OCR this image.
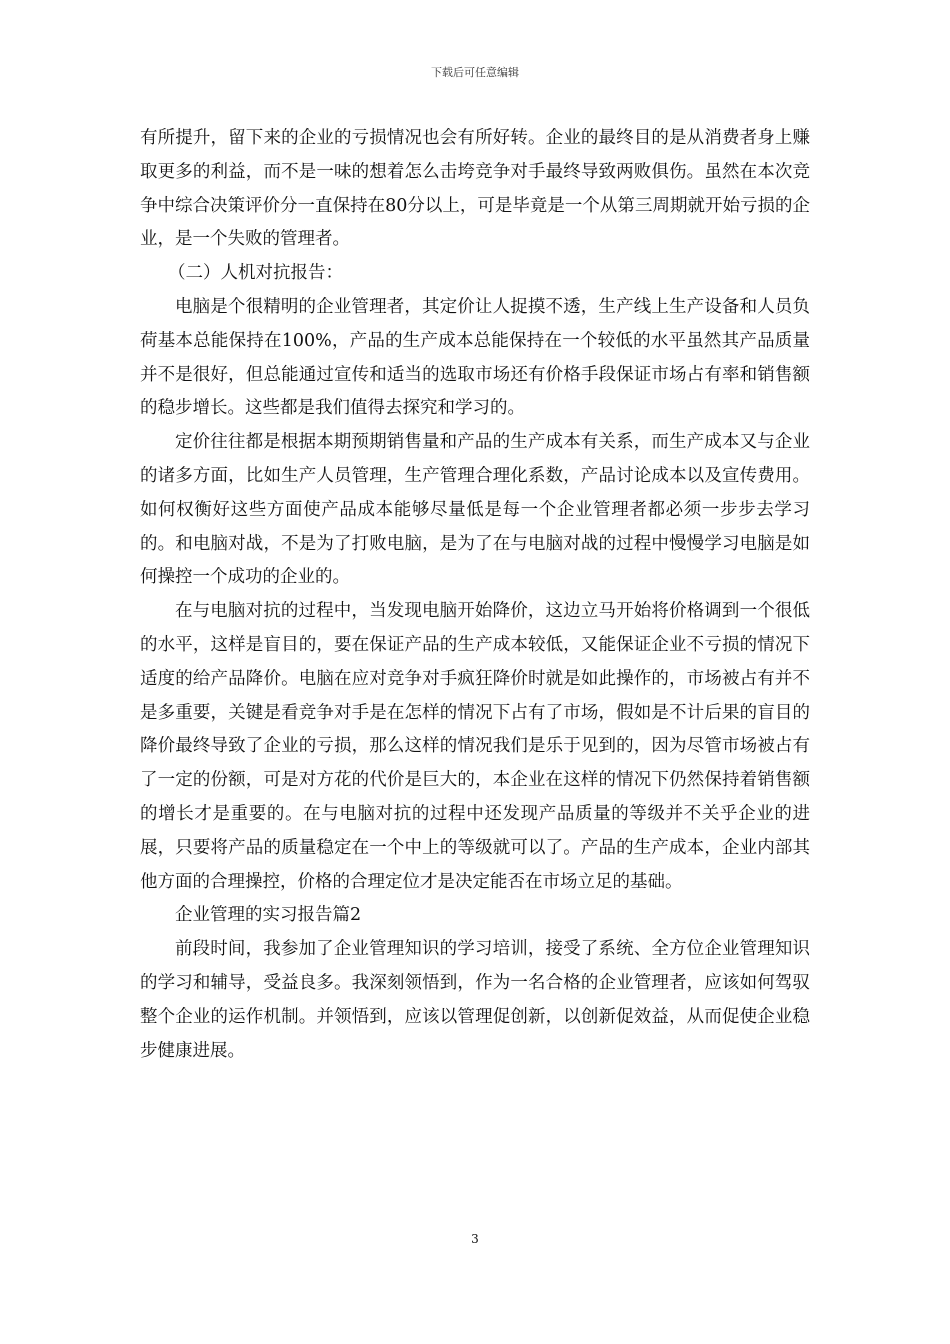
下载后可任意编辑

有所提升，留下来的企业的亏损情况也会有所好转。企业的最终目的是从消费者身上赚取更多的利益，而不是一味的想着怎么击垮竞争对手最终导致两败俱伤。虽然在本次竞争中综合决策评价分一直保持在80分以上，可是毕竟是一个从第三周期就开始亏损的企业，是一个失败的管理者。

（二）人机对抗报告：

电脑是个很精明的企业管理者，其定价让人捉摸不透，生产线上生产设备和人员负荷基本总能保持在100%，产品的生产成本总能保持在一个较低的水平虽然其产品质量并不是很好，但总能通过宣传和适当的选取市场还有价格手段保证市场占有率和销售额的稳步增长。这些都是我们值得去探究和学习的。

定价往往都是根据本期预期销售量和产品的生产成本有关系，而生产成本又与企业的诸多方面，比如生产人员管理，生产管理合理化系数，产品讨论成本以及宣传费用。如何权衡好这些方面使产品成本能够尽量低是每一个企业管理者都必须一步步去学习的。和电脑对战，不是为了打败电脑，是为了在与电脑对战的过程中慢慢学习电脑是如何操控一个成功的企业的。

在与电脑对抗的过程中，当发现电脑开始降价，这边立马开始将价格调到一个很低的水平，这样是盲目的，要在保证产品的生产成本较低，又能保证企业不亏损的情况下适度的给产品降价。电脑在应对竞争对手疯狂降价时就是如此操作的，市场被占有并不是多重要，关键是看竞争对手是在怎样的情况下占有了市场，假如是不计后果的盲目的降价最终导致了企业的亏损，那么这样的情况我们是乐于见到的，因为尽管市场被占有了一定的份额，可是对方花的代价是巨大的，本企业在这样的情况下仍然保持着销售额的增长才是重要的。在与电脑对抗的过程中还发现产品质量的等级并不关乎企业的进展，只要将产品的质量稳定在一个中上的等级就可以了。产品的生产成本，企业内部其他方面的合理操控，价格的合理定位才是决定能否在市场立足的基础。

企业管理的实习报告篇2

前段时间，我参加了企业管理知识的学习培训，接受了系统、全方位企业管理知识的学习和辅导，受益良多。我深刻领悟到，作为一名合格的企业管理者，应该如何驾驭整个企业的运作机制。并领悟到，应该以管理促创新，以创新促效益，从而促使企业稳步健康进展。

3
